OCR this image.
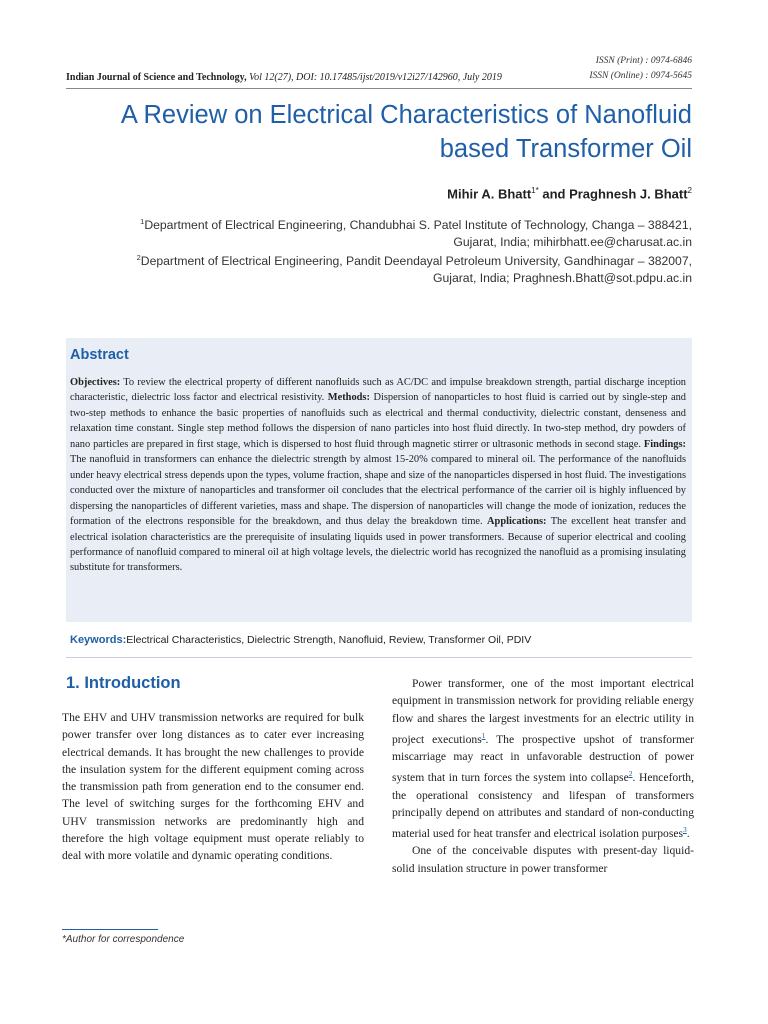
ISSN (Print) : 0974-6846
ISSN (Online) : 0974-5645
Indian Journal of Science and Technology, Vol 12(27), DOI: 10.17485/ijst/2019/v12i27/142960, July 2019
A Review on Electrical Characteristics of Nanofluid
based Transformer Oil
Mihir A. Bhatt$^{1*}$ and Praghnesh J. Bhatt$^2$
$^1$Department of Electrical Engineering, Chandubhai S. Patel Institute of Technology, Changa – 388421,
Gujarat, India; mihirbhatt.ee@charusat.ac.in
$^2$Department of Electrical Engineering, Pandit Deendayal Petroleum University, Gandhinagar – 382007,
Gujarat, India; Praghnesh.Bhatt@sot.pdpu.ac.in
Abstract
Objectives: To review the electrical property of different nanofluids such as AC/DC and impulse breakdown strength, partial discharge inception characteristic, dielectric loss factor and electrical resistivity. Methods: Dispersion of nanoparticles to host fluid is carried out by single-step and two-step methods to enhance the basic properties of nanofluids such as electrical and thermal conductivity, dielectric constant, denseness and relaxation time constant. Single step method follows the dispersion of nano particles into host fluid directly. In two-step method, dry powders of nano particles are prepared in first stage, which is dispersed to host fluid through magnetic stirrer or ultrasonic methods in second stage. Findings: The nanofluid in transformers can enhance the dielectric strength by almost 15-20% compared to mineral oil. The performance of the nanofluids under heavy electrical stress depends upon the types, volume fraction, shape and size of the nanoparticles dispersed in host fluid. The investigations conducted over the mixture of nanoparticles and transformer oil concludes that the electrical performance of the carrier oil is highly influenced by dispersing the nanoparticles of different varieties, mass and shape. The dispersion of nanoparticles will change the mode of ionization, reduces the formation of the electrons responsible for the breakdown, and thus delay the breakdown time. Applications: The excellent heat transfer and electrical isolation characteristics are the prerequisite of insulating liquids used in power transformers. Because of superior electrical and cooling performance of nanofluid compared to mineral oil at high voltage levels, the dielectric world has recognized the nanofluid as a promising insulating substitute for transformers.
Keywords:Electrical Characteristics, Dielectric Strength, Nanofluid, Review, Transformer Oil, PDIV
1. Introduction

The EHV and UHV transmission networks are required for bulk power transfer over long distances as to cater ever increasing electrical demands. It has brought the new challenges to provide the insulation system for the different equipment coming across the transmission path from generation end to the consumer end. The level of switching surges for the forthcoming EHV and UHV transmission networks are predominantly high and therefore the high voltage equipment must operate reliably to deal with more volatile and dynamic operating conditions.

Power transformer, one of the most important electrical equipment in transmission network for providing reliable energy flow and shares the largest investments for an electric utility in project executions$^1$. The prospective upshot of transformer miscarriage may react in unfavorable destruction of power system that in turn forces the system into collapse$^2$. Henceforth, the operational consistency and lifespan of transformers principally depend on attributes and standard of non-conducting material used for heat transfer and electrical isolation purposes$^3$.

One of the conceivable disputes with present-day liquid-solid insulation structure in power transformer

*Author for correspondence
